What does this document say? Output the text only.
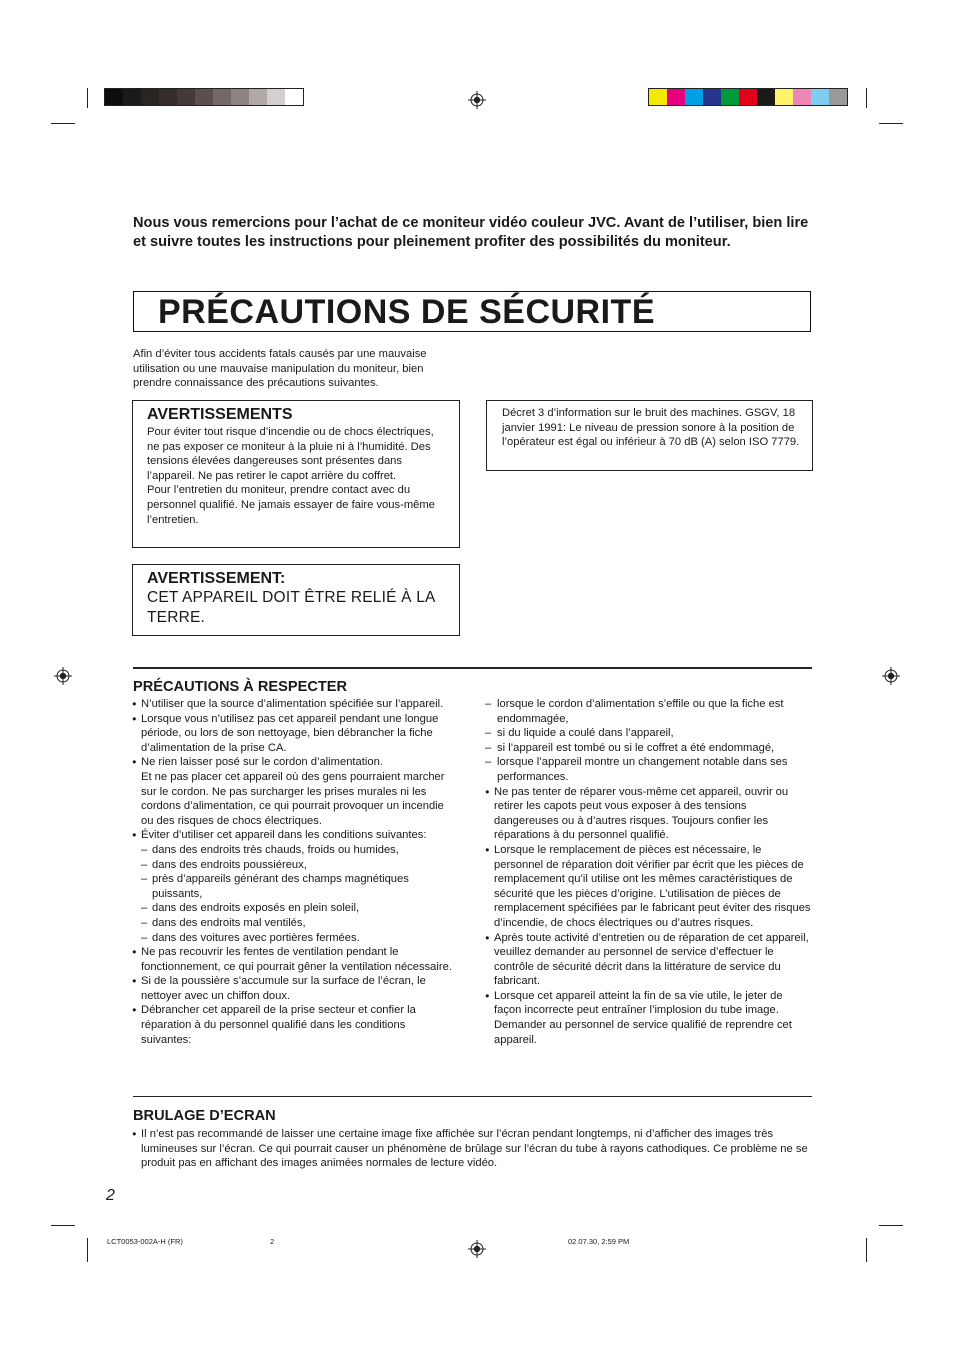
Nous vous remercions pour l’achat de ce moniteur vidéo couleur JVC. Avant de l’utiliser, bien lire et suivre toutes les instructions pour pleinement profiter des possibilités du moniteur.

PRÉCAUTIONS DE SÉCURITÉ

Afin d’éviter tous accidents fatals causés par une mauvaise utilisation ou une mauvaise manipulation du moniteur, bien prendre connaissance des précautions suivantes.

AVERTISSEMENTS

Pour éviter tout risque d’incendie ou de chocs électriques, ne pas exposer ce moniteur à la pluie ni à l’humidité. Des tensions élevées dangereuses sont présentes dans l’appareil. Ne pas retirer le capot arrière du coffret.

Pour l’entretien du moniteur, prendre contact avec du personnel qualifié. Ne jamais essayer de faire vous-même l’entretien.

AVERTISSEMENT:

CET APPAREIL DOIT ÊTRE RELIÉ À LA TERRE.

Décret 3 d’information sur le bruit des machines. GSGV, 18 janvier 1991: Le niveau de pression sonore à la position de l’opérateur est égal ou inférieur à 70 dB (A) selon ISO 7779.

PRÉCAUTIONS À RESPECTER

● N’utiliser que la source d’alimentation spécifiée sur l’appareil.
● Lorsque vous n’utilisez pas cet appareil pendant une longue période, ou lors de son nettoyage, bien débrancher la fiche d’alimentation de la prise CA.
● Ne rien laisser posé sur le cordon d’alimentation.
Et ne pas placer cet appareil où des gens pourraient marcher sur le cordon. Ne pas surcharger les prises murales ni les cordons d’alimentation, ce qui pourrait provoquer un incendie ou des risques de chocs électriques.
● Éviter d’utiliser cet appareil dans les conditions suivantes:
– dans des endroits très chauds, froids ou humides,
– dans des endroits poussiéreux,
– près d’appareils générant des champs magnétiques puissants,
– dans des endroits exposés en plein soleil,
– dans des endroits mal ventilés,
– dans des voitures avec portières fermées.
● Ne pas recouvrir les fentes de ventilation pendant le fonctionnement, ce qui pourrait gêner la ventilation nécessaire.
● Si de la poussière s’accumule sur la surface de l’écran, le nettoyer avec un chiffon doux.
● Débrancher cet appareil de la prise secteur et confier la réparation à du personnel qualifié dans les conditions suivantes:
– lorsque le cordon d’alimentation s’effile ou que la fiche est endommagée,
– si du liquide a coulé dans l’appareil,
– si l’appareil est tombé ou si le coffret a été endommagé,
– lorsque l’appareil montre un changement notable dans ses performances.
● Ne pas tenter de réparer vous-même cet appareil, ouvrir ou retirer les capots peut vous exposer à des tensions dangereuses ou à d’autres risques. Toujours confier les réparations à du personnel qualifié.
● Lorsque le remplacement de pièces est nécessaire, le personnel de réparation doit vérifier par écrit que les pièces de remplacement qu’il utilise ont les mêmes caractéristiques de sécurité que les pièces d’origine. L’utilisation de pièces de remplacement spécifiées par le fabricant peut éviter des risques d’incendie, de chocs électriques ou d’autres risques.
● Après toute activité d’entretien ou de réparation de cet appareil, veuillez demander au personnel de service d’effectuer le contrôle de sécurité décrit dans la littérature de service du fabricant.
● Lorsque cet appareil atteint la fin de sa vie utile, le jeter de façon incorrecte peut entraîner l’implosion du tube image. Demander au personnel de service qualifié de reprendre cet appareil.

BRULAGE D’ECRAN

● Il n’est pas recommandé de laisser une certaine image fixe affichée sur l’écran pendant longtemps, ni d’afficher des images très lumineuses sur l’écran. Ce qui pourrait causer un phénomène de brûlage sur l’écran du tube à rayons cathodiques. Ce problème ne se produit pas en affichant des images animées normales de lecture vidéo.

2

LCT0053-002A-H (FR)	2	02.07.30, 2:59 PM
